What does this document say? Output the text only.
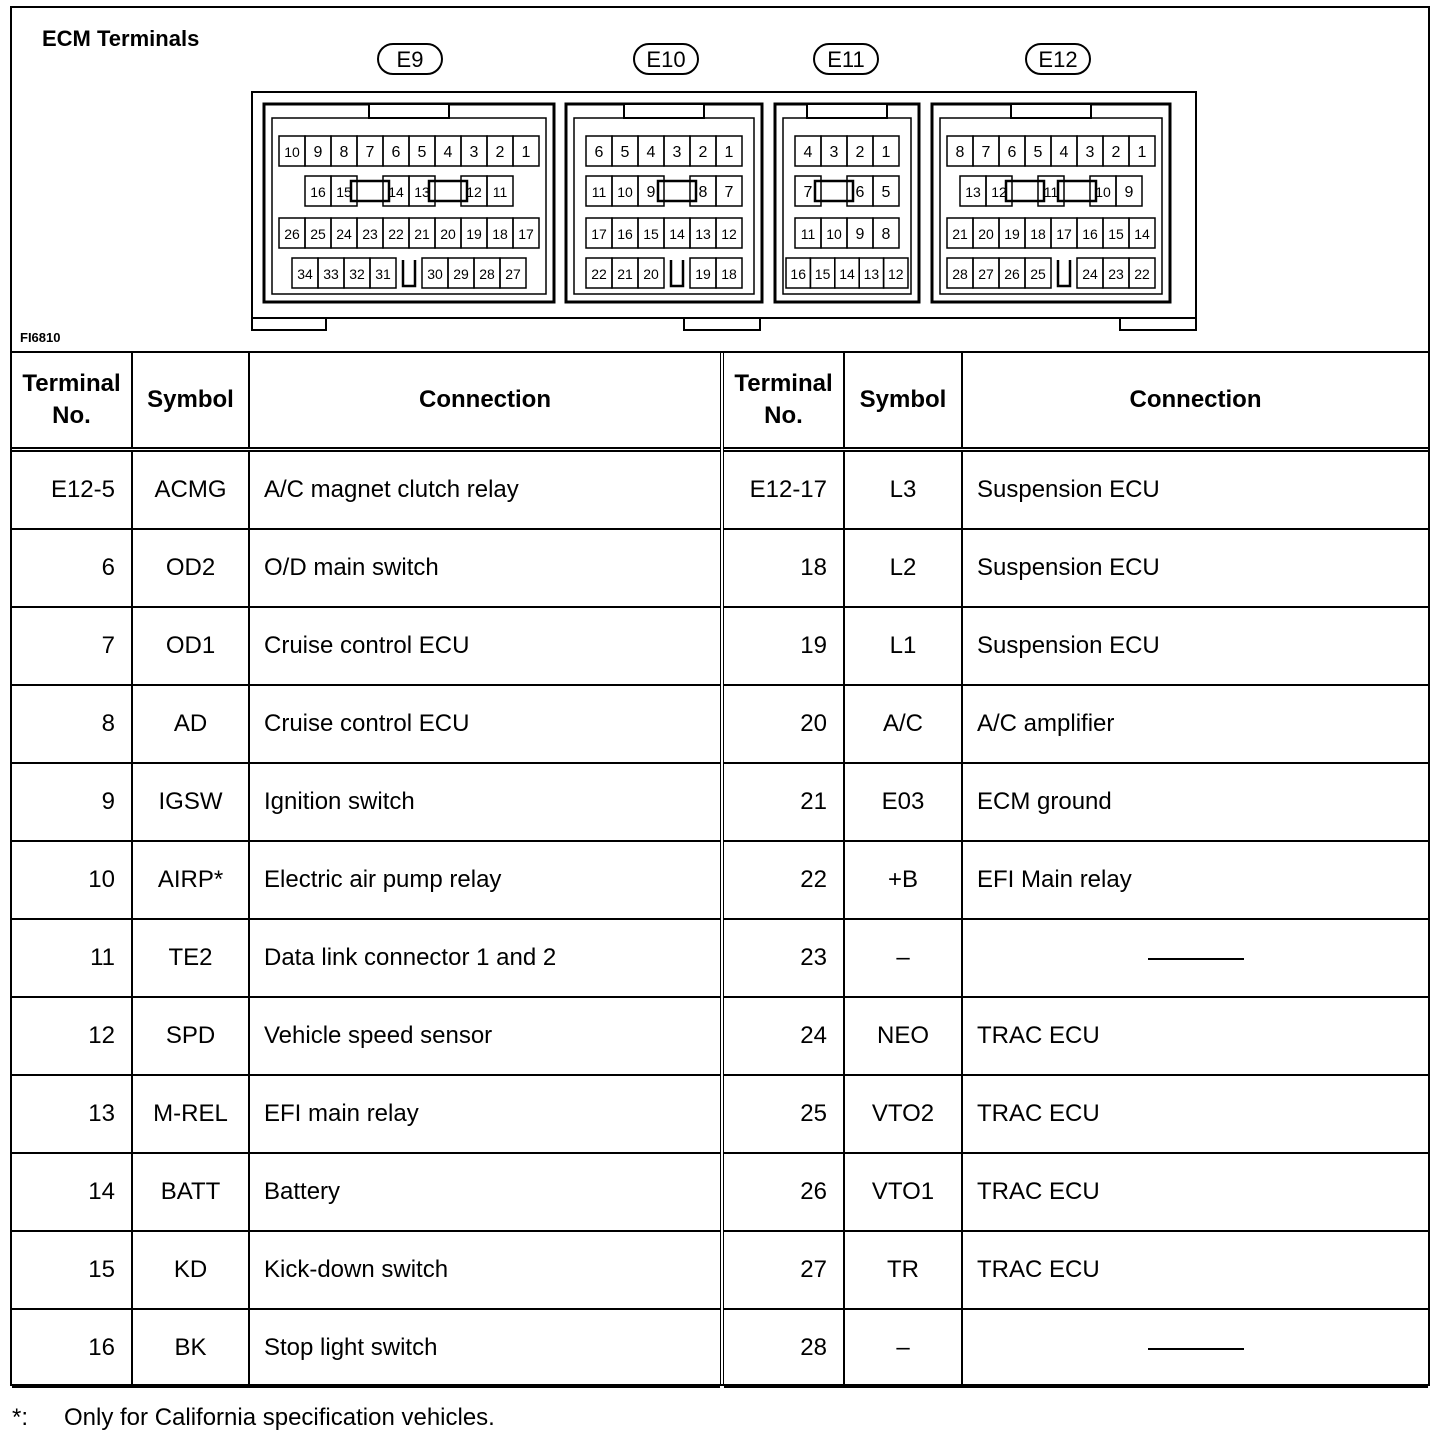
ECM Terminals
FI6810
E9
10 9 8 7 6 5 4 3 2 1
16 15	14 13	12 11
26 25 24 23 22 21 20 19 18 17
34 33 32 31	30 29 28 27
E10
6 5 4 3 2 1
11 10 9	8 7
17 16 15 14 13 12
22 21 20	19 18
E11
4 3 2 1
7	6 5
11 10 9 8
16 15 14 13 12
E12
8 7 6 5 4 3 2 1
13 12	11	10 9
21 20 19 18 17 16 15 14
28 27 26 25	24 23 22
Terminal
No.	Symbol	Connection
E12-5	ACMG	A/C magnet clutch relay
6	OD2	O/D main switch
7	OD1	Cruise control ECU
8	AD	Cruise control ECU
9	IGSW	Ignition switch
10	AIRP*	Electric air pump relay
11	TE2	Data link connector 1 and 2
12	SPD	Vehicle speed sensor
13	M-REL	EFI main relay
14	BATT	Battery
15	KD	Kick-down switch
16	BK	Stop light switch
Terminal
No.	Symbol	Connection
E12-17	L3	Suspension ECU
18	L2	Suspension ECU
19	L1	Suspension ECU
20	A/C	A/C amplifier
21	E03	ECM ground
22	+B	EFI Main relay
23	–	
24	NEO	TRAC ECU
25	VTO2	TRAC ECU
26	VTO1	TRAC ECU
27	TR	TRAC ECU
28	–	
*: Only for California specification vehicles.
